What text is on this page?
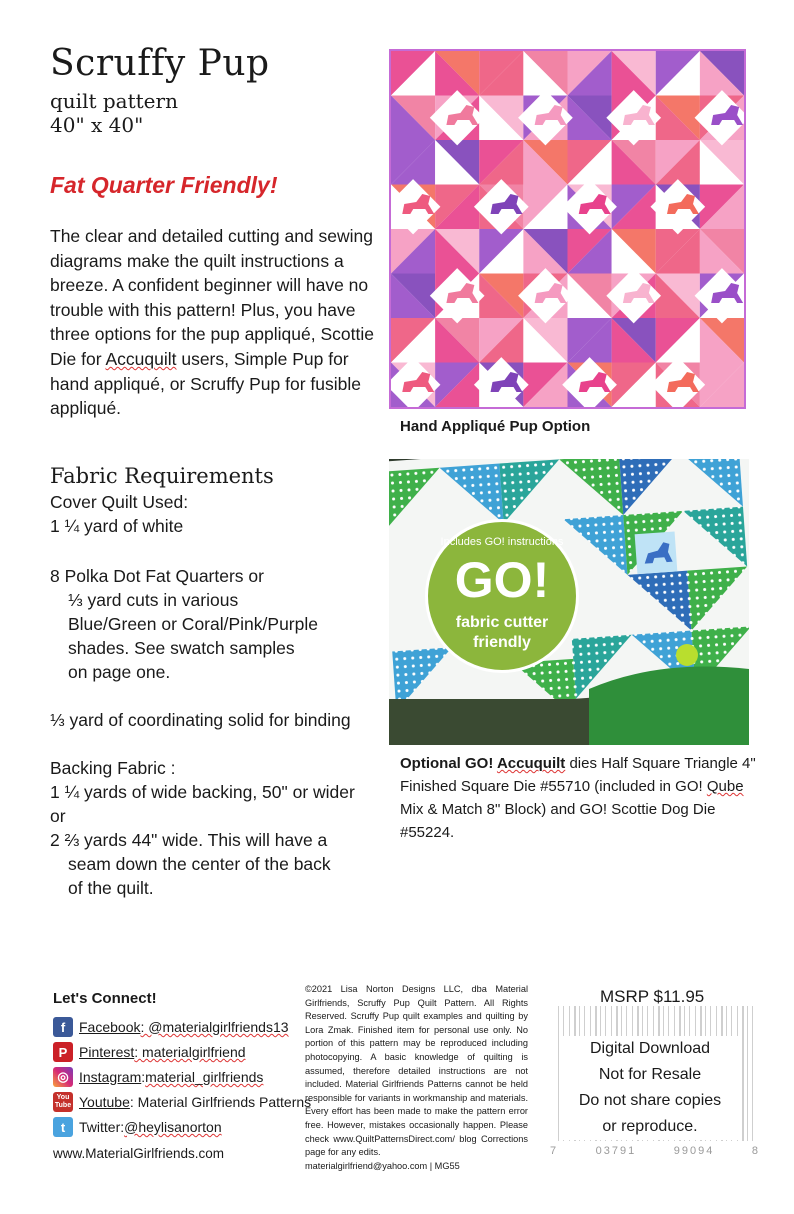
Scruffy Pup
quilt pattern
40" x 40"
Fat Quarter Friendly!
The clear and detailed cutting and sewing diagrams make the quilt instructions a breeze. A confident beginner will have no trouble with this pattern! Plus, you have three options for the pup appliqué, Scottie Die for Accuquilt users, Simple Pup for hand appliqué, or Scruffy Pup for fusible appliqué.
Fabric Requirements
Cover Quilt Used:
1 ¼ yard of white
8 Polka Dot Fat Quarters or
⅓ yard cuts in various
Blue/Green or Coral/Pink/Purple
shades. See swatch samples
on page one.
⅓ yard of coordinating solid for binding
Backing Fabric :
1 ¼ yards of wide backing, 50" or wider
or
2 ⅔ yards 44" wide. This will have a
seam down the center of the back
of the quilt.
Hand Appliqué Pup Option
Includes GO! instructions
GO!
fabric cutter
friendly
Optional GO! Accuquilt dies Half Square Triangle 4" Finished Square Die #55710 (included in GO! Qube Mix & Match 8" Block) and GO! Scottie Dog Die #55224.
Let's Connect!
f Facebook : @materialgirlfriends13
P Pinterest : materialgirlfriend
◎ Instagram : material_girlfriends
You Tube Youtube : Material Girlfriends Patterns
t Twitter: @heylisanorton
www.MaterialGirlfriends.com
©2021 Lisa Norton Designs LLC, dba Material Girlfriends, Scruffy Pup Quilt Pattern. All Rights Reserved. Scruffy Pup quilt examples and quilting by Lora Zmak. Finished item for personal use only. No portion of this pattern may be reproduced including photocopying. A basic knowledge of quilting is assumed, therefore detailed instructions are not included. Material Girlfriends Patterns cannot be held responsible for variants in workmanship and materials. Every effort has been made to make the pattern error free. However, mistakes occasionally happen. Please check www.QuiltPatternsDirect.com/ blog Corrections page for any edits.
materialgirlfriend@yahoo.com | MG55
MSRP $11.95
Digital Download
Not for Resale
Do not share copies
or reproduce.
7	03791	99094	8
